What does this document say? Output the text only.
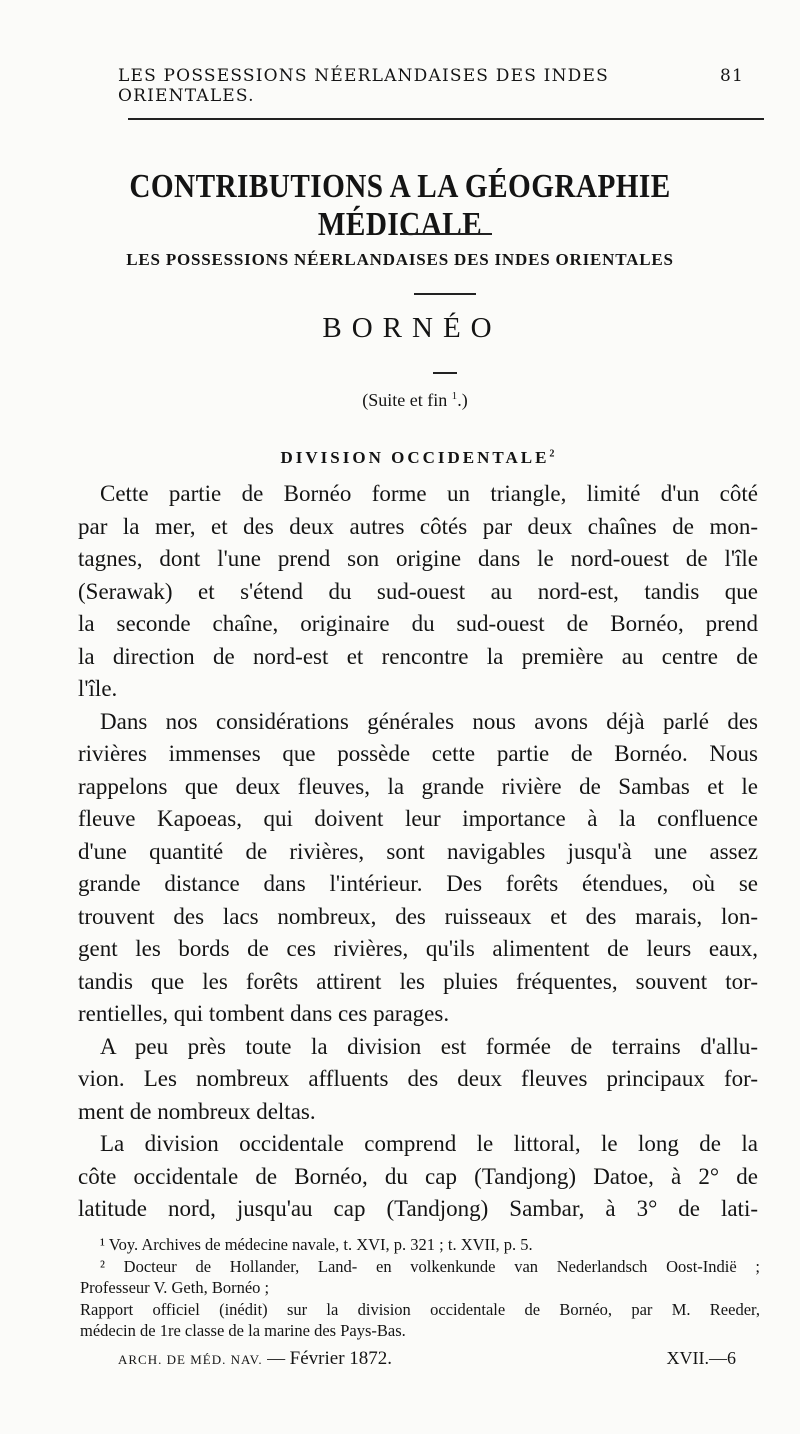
LES POSSESSIONS NÉERLANDAISES DES INDES ORIENTALES.
81
CONTRIBUTIONS A LA GÉOGRAPHIE MÉDICALE
LES POSSESSIONS NÉERLANDAISES DES INDES ORIENTALES
BORNÉO
(Suite et fin $^1$.)
DIVISION OCCIDENTALE$^2$
Cette partie de Bornéo forme un triangle, limité d'un côté
par la mer, et des deux autres côtés par deux chaînes de mon-
tagnes, dont l'une prend son origine dans le nord-ouest de l'île
(Serawak) et s'étend du sud-ouest au nord-est, tandis que
la seconde chaîne, originaire du sud-ouest de Bornéo, prend
la direction de nord-est et rencontre la première au centre de
l'île.
Dans nos considérations générales nous avons déjà parlé des
rivières immenses que possède cette partie de Bornéo. Nous
rappelons que deux fleuves, la grande rivière de Sambas et le
fleuve Kapoeas, qui doivent leur importance à la confluence
d'une quantité de rivières, sont navigables jusqu'à une assez
grande distance dans l'intérieur. Des forêts étendues, où se
trouvent des lacs nombreux, des ruisseaux et des marais, lon-
gent les bords de ces rivières, qu'ils alimentent de leurs eaux,
tandis que les forêts attirent les pluies fréquentes, souvent tor-
rentielles, qui tombent dans ces parages.
A peu près toute la division est formée de terrains d'allu-
vion. Les nombreux affluents des deux fleuves principaux for-
ment de nombreux deltas.
La division occidentale comprend le littoral, le long de la
côte occidentale de Bornéo, du cap (Tandjong) Datoe, à 2° de
latitude nord, jusqu'au cap (Tandjong) Sambar, à 3° de lati-
¹ Voy. Archives de médecine navale, t. XVI, p. 321 ; t. XVII, p. 5.
² Docteur de Hollander, Land- en volkenkunde van Nederlandsch Oost-Indië ;
Professeur V. Geth, Bornéo ;
Rapport officiel (inédit) sur la division occidentale de Bornéo, par M. Reeder,
médecin de 1re classe de la marine des Pays-Bas.
ARCH. DE MÉD. NAV. — Février 1872.	XVII.—6
